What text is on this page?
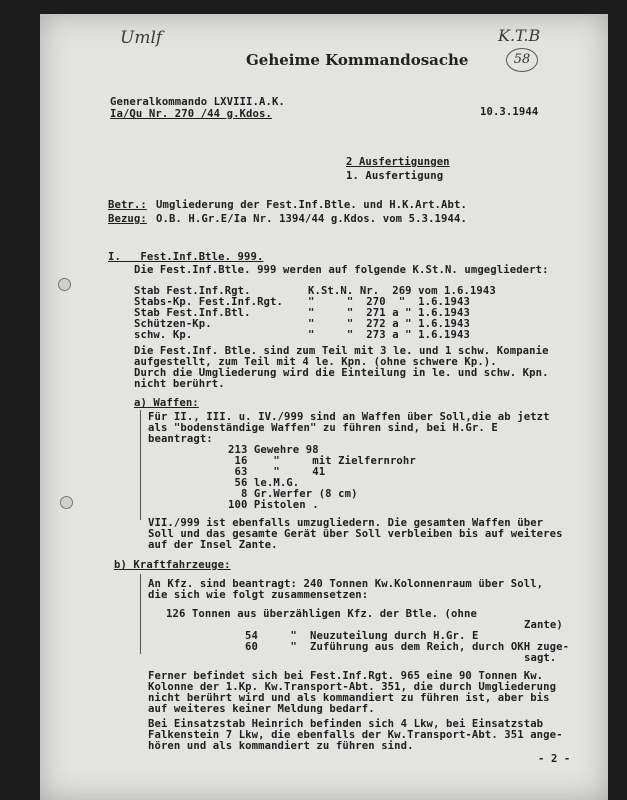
Umlf
Geheime Kommandosache
K.T.B
58
Generalkommando LXVIII.A.K.
Ia/Qu Nr. 270 /44 g.Kdos.	10.3.1944
2 Ausfertigungen
1. Ausfertigung
Betr.: Umgliederung der Fest.Inf.Btle. und H.K.Art.Abt.
Bezug: O.B. H.Gr.E/Ia Nr. 1394/44 g.Kdos. vom 5.3.1944.
I.   Fest.Inf.Btle. 999.
Die Fest.Inf.Btle. 999 werden auf folgende K.St.N. umgegliedert:
Stab Fest.Inf.Rgt.	K.St.N. Nr.  269 vom 1.6.1943
Stabs-Kp. Fest.Inf.Rgt. "     "  270  "  1.6.1943
Stab Fest.Inf.Btl.	"     "  271 a " 1.6.1943
Schützen-Kp.	"     "  272 a " 1.6.1943
schw. Kp.	"     "  273 a " 1.6.1943
Die Fest.Inf. Btle. sind zum Teil mit 3 le. und 1 schw. Kompanie
aufgestellt, zum Teil mit 4 le. Kpn. (ohne schwere Kp.).
Durch die Umgliederung wird die Einteilung in le. und schw. Kpn.
nicht berührt.
a) Waffen:
Für II., III. u. IV./999 sind an Waffen über Soll,die ab jetzt
als "bodenständige Waffen" zu führen sind, bei H.Gr. E
beantragt:
213 Gewehre 98
16    "     mit Zielfernrohr
63    "     41
56 le.M.G.
8 Gr.Werfer (8 cm)
100 Pistolen .
VII./999 ist ebenfalls umzugliedern. Die gesamten Waffen über
Soll und das gesamte Gerät über Soll verbleiben bis auf weiteres
auf der Insel Zante.
b) Kraftfahrzeuge:
An Kfz. sind beantragt: 240 Tonnen Kw.Kolonnenraum über Soll,
die sich wie folgt zusammensetzen:
126 Tonnen aus überzähligen Kfz. der Btle. (ohne
Zante)
54     " Neuzuteilung durch H.Gr. E
60     " Zuführung aus dem Reich, durch OKH zuge-
sagt.
Ferner befindet sich bei Fest.Inf.Rgt. 965 eine 90 Tonnen Kw.
Kolonne der 1.Kp. Kw.Transport-Abt. 351, die durch Umgliederung
nicht berührt wird und als kommandiert zu führen ist, aber bis
auf weiteres keiner Meldung bedarf.
Bei Einsatzstab Heinrich befinden sich 4 Lkw, bei Einsatzstab
Falkenstein 7 Lkw, die ebenfalls der Kw.Transport-Abt. 351 ange-
hören und als kommandiert zu führen sind.
- 2 -
